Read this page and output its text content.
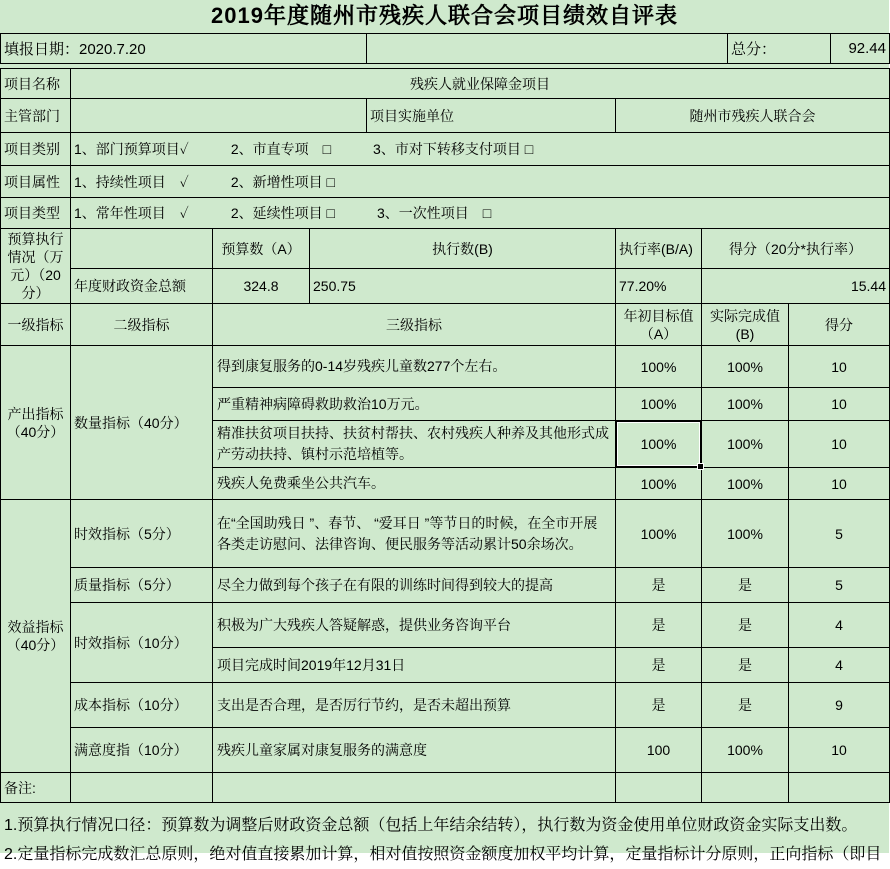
2019年度随州市残疾人联合会项目绩效自评表
填报日期：2020.7.20		总分：	92.44
项目名称	残疾人就业保障金项目						
主管部门				项目实施单位	随州市残疾人联合会		
项目类别	1、部门预算项目✓　　　2、市直专项　□　　　3、市对下转移支付项目 □						
项目属性	1、持续性项目　✓　　　2、新增性项目 □						
项目类型	1、常年性项目　✓　　　2、延续性项目 □　　　3、一次性项目　□						
预算执行情况（万元）（20分）		预算数（A）	执行数(B)		执行率(B/A)	得分（20分*执行率）	
	年度财政资金总额	324.8	250.75		77.20%	15.44	
一级指标	二级指标	三级指标			年初目标值（A）	实际完成值(B)	得分
产出指标（40分）	数量指标（40分）	得到康复服务的0-14岁残疾儿童数277个左右。			100%	100%	10
		严重精神病障碍救助救治10万元。			100%	100%	10
		精准扶贫项目扶持、扶贫村帮扶、农村残疾人种养及其他形式成产劳动扶持、镇村示范培植等。			100%	100%	10
		残疾人免费乘坐公共汽车。			100%	100%	10
效益指标（40分）	时效指标（5分）	在“全国助残日 ”、春节、 “爱耳日 ”等节日的时候，在全市开展各类走访慰问、法律咨询、便民服务等活动累计50余场次。			100%	100%	5
	质量指标（5分）	尽全力做到每个孩子在有限的训练时间得到较大的提高			是	是	5
	时效指标（10分）	积极为广大残疾人答疑解惑，提供业务咨询平台			是	是	4
		项目完成时间2019年12月31日			是	是	4
	成本指标（10分）	支出是否合理，是否厉行节约，是否未超出预算			是	是	9
	满意度指（10分）	残疾儿童家属对康复服务的满意度			100	100%	10
备注:							
1.预算执行情况口径：预算数为调整后财政资金总额（包括上年结余结转），执行数为资金使用单位财政资金实际支出数。
2.定量指标完成数汇总原则，绝对值直接累加计算，相对值按照资金额度加权平均计算，定量指标计分原则，正向指标（即目
